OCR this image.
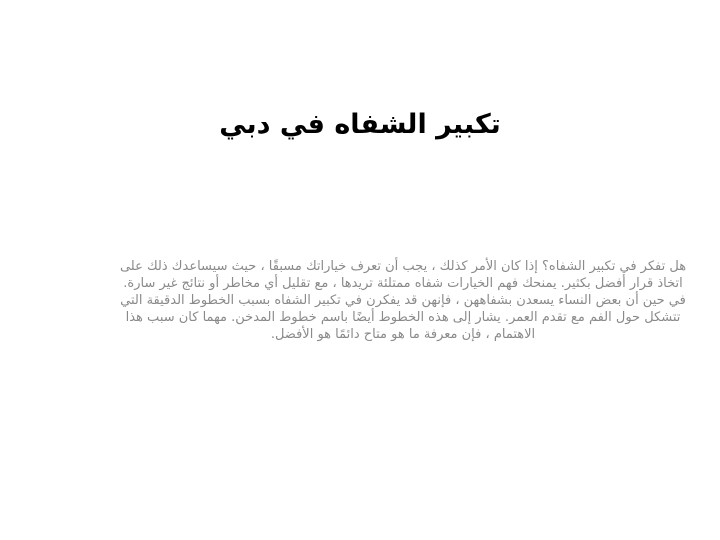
تكبير الشفاه في دبي
هل تفكر في تكبير الشفاه؟ إذا كان الأمر كذلك ، يجب أن تعرف خياراتك مسبقًا ، حيث سيساعدك ذلك على اتخاذ قرار أفضل بكثير. يمنحك فهم الخيارات شفاه ممتلئة تريدها ، مع تقليل أي مخاطر أو نتائج غير سارة. في حين أن بعض النساء يسعدن بشفاههن ، فإنهن قد يفكرن في تكبير الشفاه بسبب الخطوط الدقيقة التي تتشكل حول الفم مع تقدم العمر. يشار إلى هذه الخطوط أيضًا باسم خطوط المدخن. مهما كان سبب هذا الاهتمام ، فإن معرفة ما هو متاح دائمًا هو الأفضل.
